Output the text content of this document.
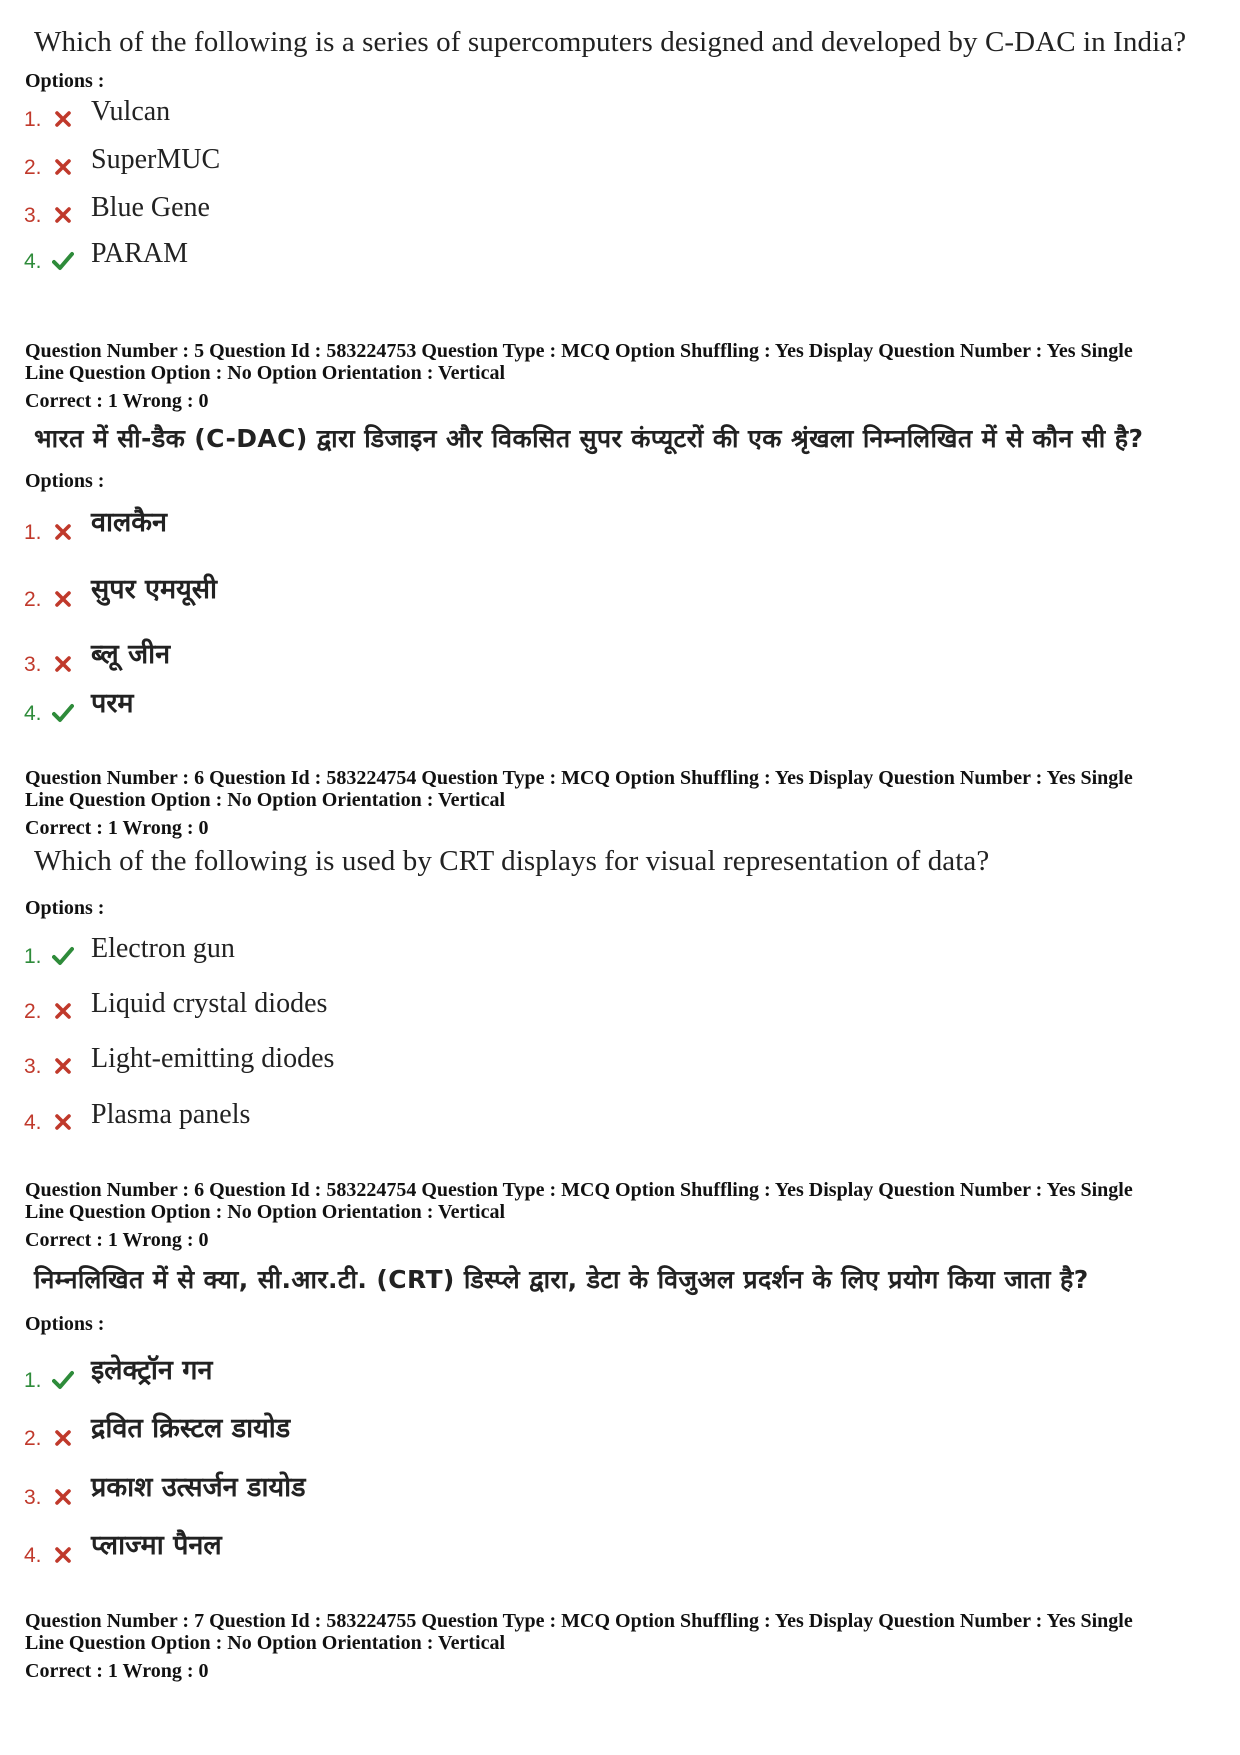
Which of the following is a series of supercomputers designed and developed by C-DAC in India?
Options :
1. Vulcan
2. SuperMUC
3. Blue Gene
4. PARAM
Question Number : 5 Question Id : 583224753 Question Type : MCQ Option Shuffling : Yes Display Question Number : Yes Single
Line Question Option : No Option Orientation : Vertical
Correct : 1 Wrong : 0
भारत में सी-डैक (C-DAC) द्वारा डिजाइन और विकसित सुपर कंप्यूटरों की एक श्रृंखला निम्नलिखित में से कौन सी है?
Options :
1. वालकैन
2. सुपर एमयूसी
3. ब्लू जीन
4. परम
Question Number : 6 Question Id : 583224754 Question Type : MCQ Option Shuffling : Yes Display Question Number : Yes Single
Line Question Option : No Option Orientation : Vertical
Correct : 1 Wrong : 0
Which of the following is used by CRT displays for visual representation of data?
Options :
1. Electron gun
2. Liquid crystal diodes
3. Light-emitting diodes
4. Plasma panels
Question Number : 6 Question Id : 583224754 Question Type : MCQ Option Shuffling : Yes Display Question Number : Yes Single
Line Question Option : No Option Orientation : Vertical
Correct : 1 Wrong : 0
निम्नलिखित में से क्या, सी.आर.टी. (CRT) डिस्प्ले द्वारा, डेटा के विजुअल प्रदर्शन के लिए प्रयोग किया जाता है?
Options :
1. इलेक्ट्रॉन गन
2. द्रवित क्रिस्टल डायोड
3. प्रकाश उत्सर्जन डायोड
4. प्लाज्मा पैनल
Question Number : 7 Question Id : 583224755 Question Type : MCQ Option Shuffling : Yes Display Question Number : Yes Single
Line Question Option : No Option Orientation : Vertical
Correct : 1 Wrong : 0
